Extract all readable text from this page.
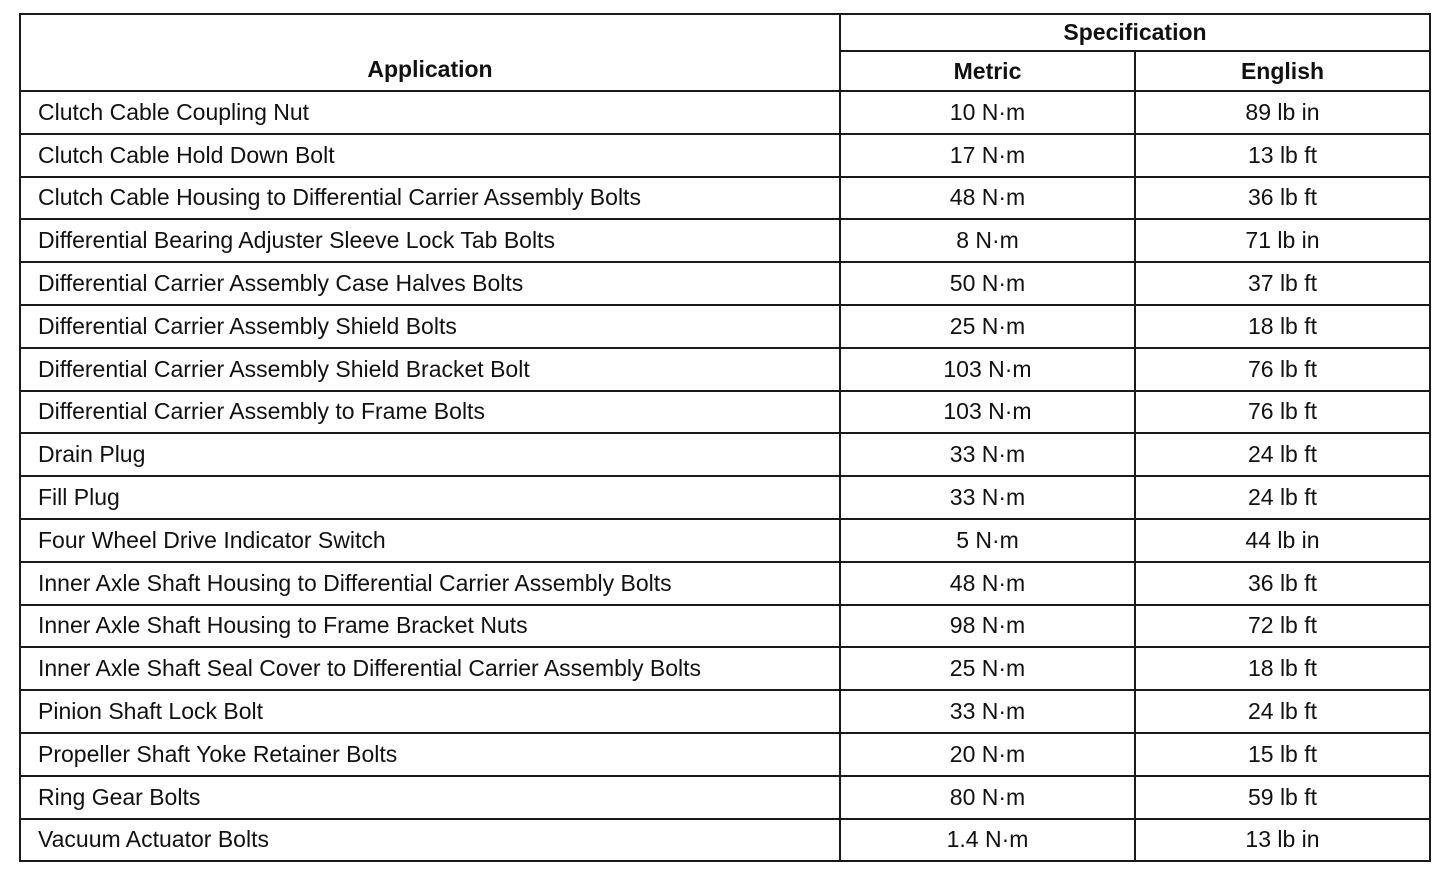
Application	Specification	
	Metric	English
Clutch Cable Coupling Nut	10 N·m	89 lb in
Clutch Cable Hold Down Bolt	17 N·m	13 lb ft
Clutch Cable Housing to Differential Carrier Assembly Bolts	48 N·m	36 lb ft
Differential Bearing Adjuster Sleeve Lock Tab Bolts	8 N·m	71 lb in
Differential Carrier Assembly Case Halves Bolts	50 N·m	37 lb ft
Differential Carrier Assembly Shield Bolts	25 N·m	18 lb ft
Differential Carrier Assembly Shield Bracket Bolt	103 N·m	76 lb ft
Differential Carrier Assembly to Frame Bolts	103 N·m	76 lb ft
Drain Plug	33 N·m	24 lb ft
Fill Plug	33 N·m	24 lb ft
Four Wheel Drive Indicator Switch	5 N·m	44 lb in
Inner Axle Shaft Housing to Differential Carrier Assembly Bolts	48 N·m	36 lb ft
Inner Axle Shaft Housing to Frame Bracket Nuts	98 N·m	72 lb ft
Inner Axle Shaft Seal Cover to Differential Carrier Assembly Bolts	25 N·m	18 lb ft
Pinion Shaft Lock Bolt	33 N·m	24 lb ft
Propeller Shaft Yoke Retainer Bolts	20 N·m	15 lb ft
Ring Gear Bolts	80 N·m	59 lb ft
Vacuum Actuator Bolts	1.4 N·m	13 lb in
